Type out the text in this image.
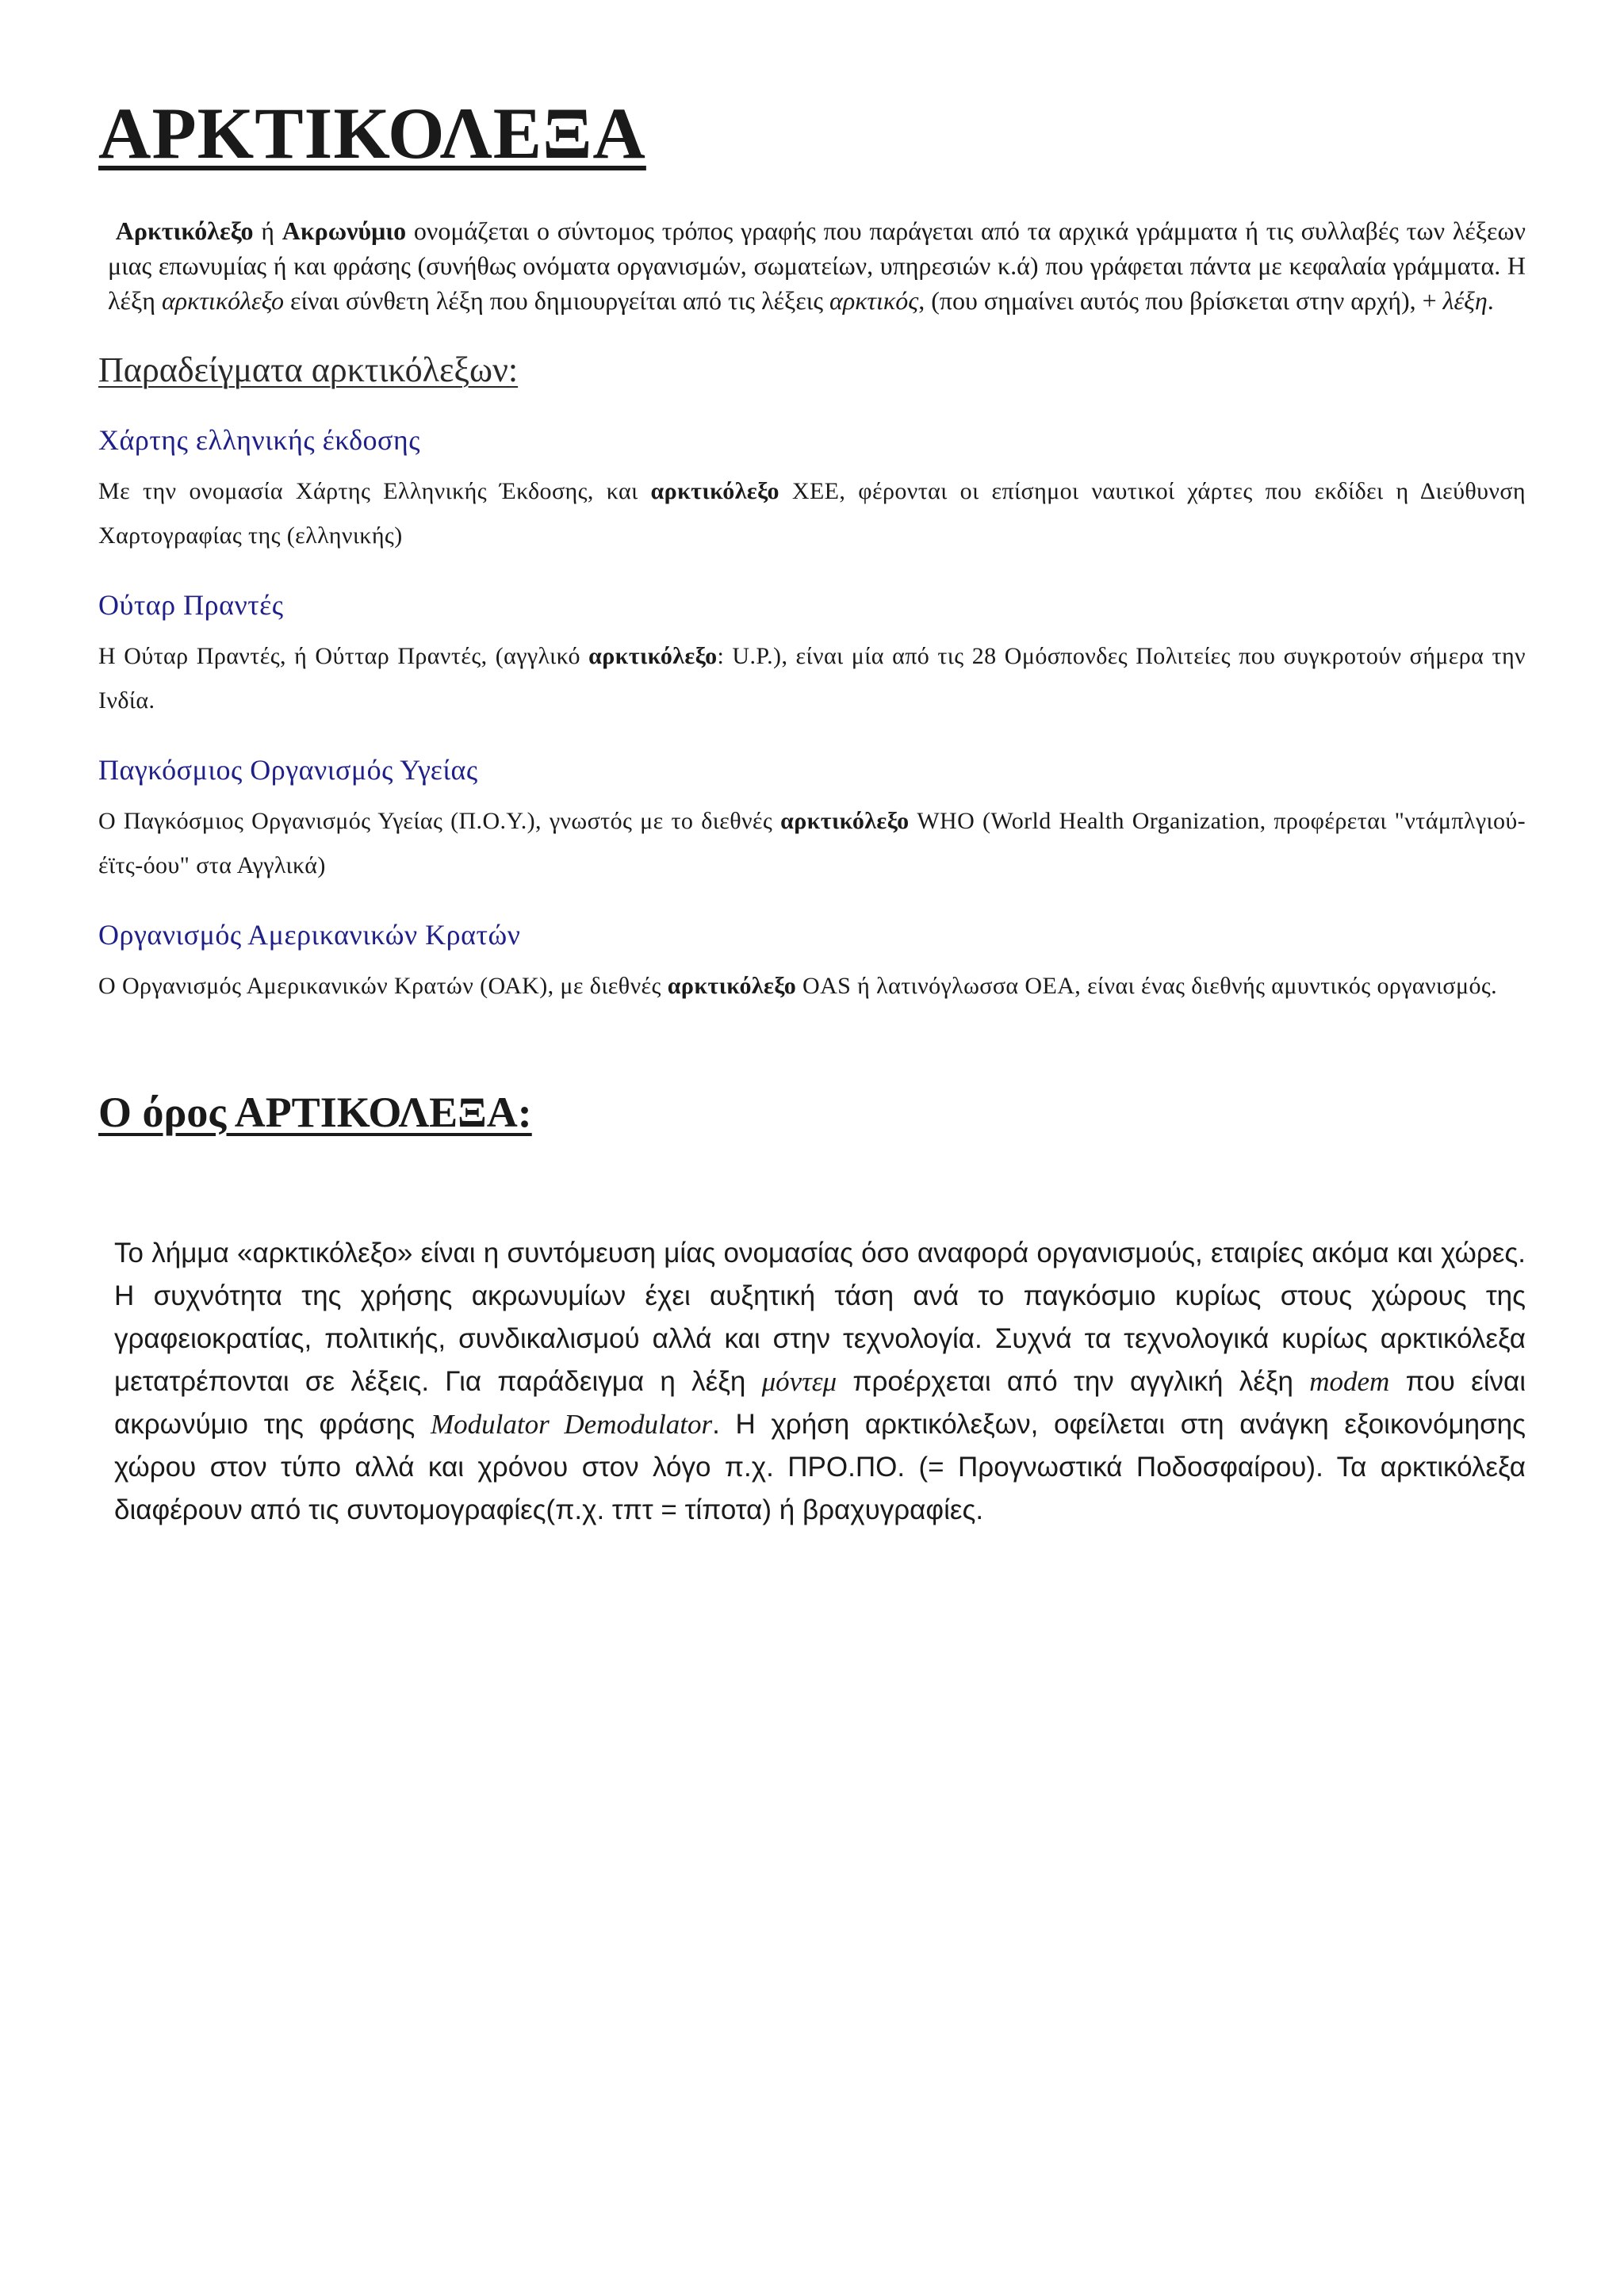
ΑΡΚΤΙΚΟΛΕΞΑ

Αρκτικόλεξο ή Ακρωνύμιο ονομάζεται ο σύντομος τρόπος γραφής που παράγεται από τα αρχικά γράμματα ή τις συλλαβές των λέξεων μιας επωνυμίας ή και φράσης (συνήθως ονόματα οργανισμών, σωματείων, υπηρεσιών κ.ά) που γράφεται πάντα με κεφαλαία γράμματα. Η λέξη αρκτικόλεξο είναι σύνθετη λέξη που δημιουργείται από τις λέξεις αρκτικός, (που σημαίνει αυτός που βρίσκεται στην αρχή), + λέξη.

Παραδείγματα αρκτικόλεξων:
Χάρτης ελληνικής έκδοσης

Με την ονομασία Χάρτης Ελληνικής Έκδοσης, και αρκτικόλεξο ΧΕΕ, φέρονται οι επίσημοι ναυτικοί χάρτες που εκδίδει η Διεύθυνση Χαρτογραφίας της (ελληνικής)

Ούταρ Πραντές

Η Ούταρ Πραντές, ή Ούτταρ Πραντές, (αγγλικό αρκτικόλεξο: U.P.), είναι μία από τις 28 Ομόσπονδες Πολιτείες που συγκροτούν σήμερα την Ινδία.

Παγκόσμιος Οργανισμός Υγείας

Ο Παγκόσμιος Οργανισμός Υγείας (Π.Ο.Υ.), γνωστός με το διεθνές αρκτικόλεξο WHO (World Health Organization, προφέρεται "ντάμπλγιού-έϊτς-όου" στα Αγγλικά)

Οργανισμός Αμερικανικών Κρατών

Ο Οργανισμός Αμερικανικών Κρατών (ΟΑΚ), με διεθνές αρκτικόλεξο OAS ή λατινόγλωσσα OEA, είναι ένας διεθνής αμυντικός οργανισμός.

Ο όρος ΑΡΤΙΚΟΛΕΞΑ:

Το λήμμα «αρκτικόλεξο» είναι η συντόμευση μίας ονομασίας όσο αναφορά οργανισμούς, εταιρίες ακόμα και χώρες. Η συχνότητα της χρήσης ακρωνυμίων έχει αυξητική τάση ανά το παγκόσμιο κυρίως στους χώρους της γραφειοκρατίας, πολιτικής, συνδικαλισμού αλλά και στην τεχνολογία. Συχνά τα τεχνολογικά κυρίως αρκτικόλεξα μετατρέπονται σε λέξεις. Για παράδειγμα η λέξη μόντεμ προέρχεται από την αγγλική λέξη modem που είναι ακρωνύμιο της φράσης Modulator Demodulator. Η χρήση αρκτικόλεξων, οφείλεται στη ανάγκη εξοικονόμησης χώρου στον τύπο αλλά και χρόνου στον λόγο π.χ. ΠΡΟ.ΠΟ. (= Προγνωστικά Ποδοσφαίρου). Τα αρκτικόλεξα διαφέρουν από τις συντομογραφίες(π.χ. τπτ = τίποτα) ή βραχυγραφίες.
